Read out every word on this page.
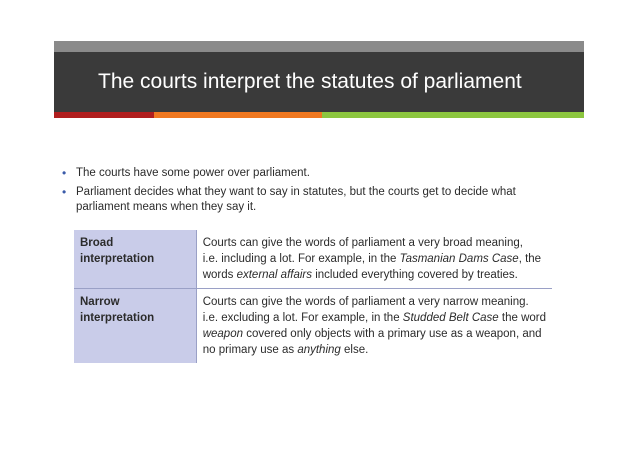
The courts interpret the statutes of parliament
• The courts have some power over parliament.
• Parliament decides what they want to say in statutes, but the courts get to decide what parliament means when they say it.
Broad interpretation	Courts can give the words of parliament a very broad meaning,
i.e. including a lot. For example, in the Tasmanian Dams Case, the
words external affairs included everything covered by treaties.

Narrow interpretation	Courts can give the words of parliament a very narrow meaning.
i.e. excluding a lot. For example, in the Studded Belt Case the word
weapon covered only objects with a primary use as a weapon, and
no primary use as anything else.
